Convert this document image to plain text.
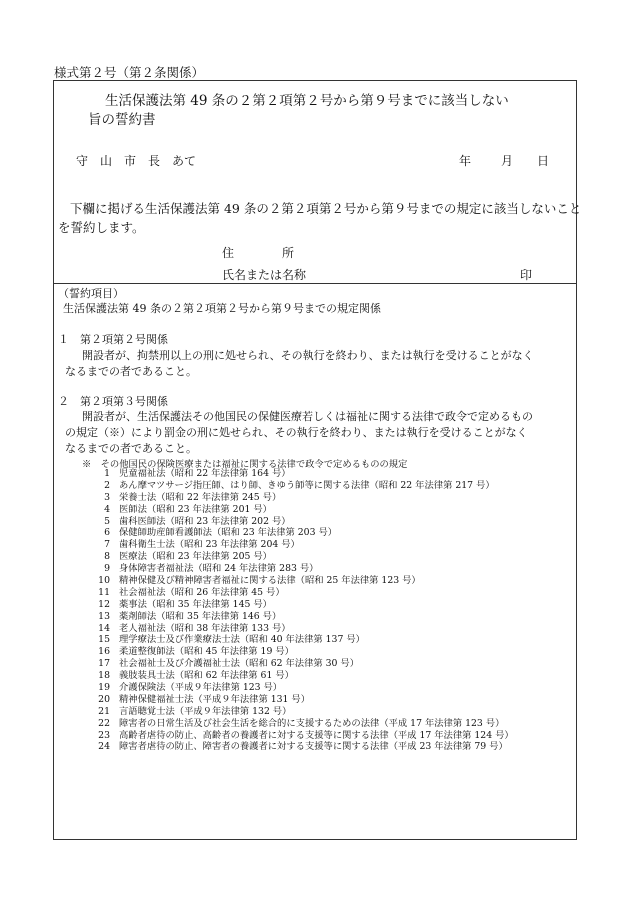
様式第２号（第２条関係）
生活保護法第 49 条の２第２項第２号から第９号までに該当しない
旨の誓約書
守　山　市　長　あて	年 月 日
下欄に掲げる生活保護法第 49 条の２第２項第２号から第９号までの規定に該当しないこと
を誓約します。
住　　　　所
氏名または名称	印
（誓約項目）
生活保護法第 49 条の２第２項第２号から第９号までの規定関係
１　第２項第２号関係
開設者が、拘禁刑以上の刑に処せられ、その執行を終わり、または執行を受けることがなく
なるまでの者であること。
２　第２項第３号関係
開設者が、生活保護法その他国民の保健医療若しくは福祉に関する法律で政令で定めるもの
の規定（※）により罰金の刑に処せられ、その執行を終わり、または執行を受けることがなく
なるまでの者であること。
※　その他国民の保険医療または福祉に関する法律で政令で定めるものの規定
1 児童福祉法（昭和 22 年法律第 164 号）
2 あん摩マツサージ指圧師、はり師、きゆう師等に関する法律（昭和 22 年法律第 217 号）
3 栄養士法（昭和 22 年法律第 245 号）
4 医師法（昭和 23 年法律第 201 号）
5 歯科医師法（昭和 23 年法律第 202 号）
6 保健師助産師看護師法（昭和 23 年法律第 203 号）
7 歯科衛生士法（昭和 23 年法律第 204 号）
8 医療法（昭和 23 年法律第 205 号）
9 身体障害者福祉法（昭和 24 年法律第 283 号）
10 精神保健及び精神障害者福祉に関する法律（昭和 25 年法律第 123 号）
11 社会福祉法（昭和 26 年法律第 45 号）
12 薬事法（昭和 35 年法律第 145 号）
13 薬剤師法（昭和 35 年法律第 146 号）
14 老人福祉法（昭和 38 年法律第 133 号）
15 理学療法士及び作業療法士法（昭和 40 年法律第 137 号）
16 柔道整復師法（昭和 45 年法律第 19 号）
17 社会福祉士及び介護福祉士法（昭和 62 年法律第 30 号）
18 義肢装具士法（昭和 62 年法律第 61 号）
19 介護保険法（平成９年法律第 123 号）
20 精神保健福祉士法（平成９年法律第 131 号）
21 言語聴覚士法（平成９年法律第 132 号）
22 障害者の日常生活及び社会生活を総合的に支援するための法律（平成 17 年法律第 123 号）
23 高齢者虐待の防止、高齢者の養護者に対する支援等に関する法律（平成 17 年法律第 124 号）
24 障害者虐待の防止、障害者の養護者に対する支援等に関する法律（平成 23 年法律第 79 号）
